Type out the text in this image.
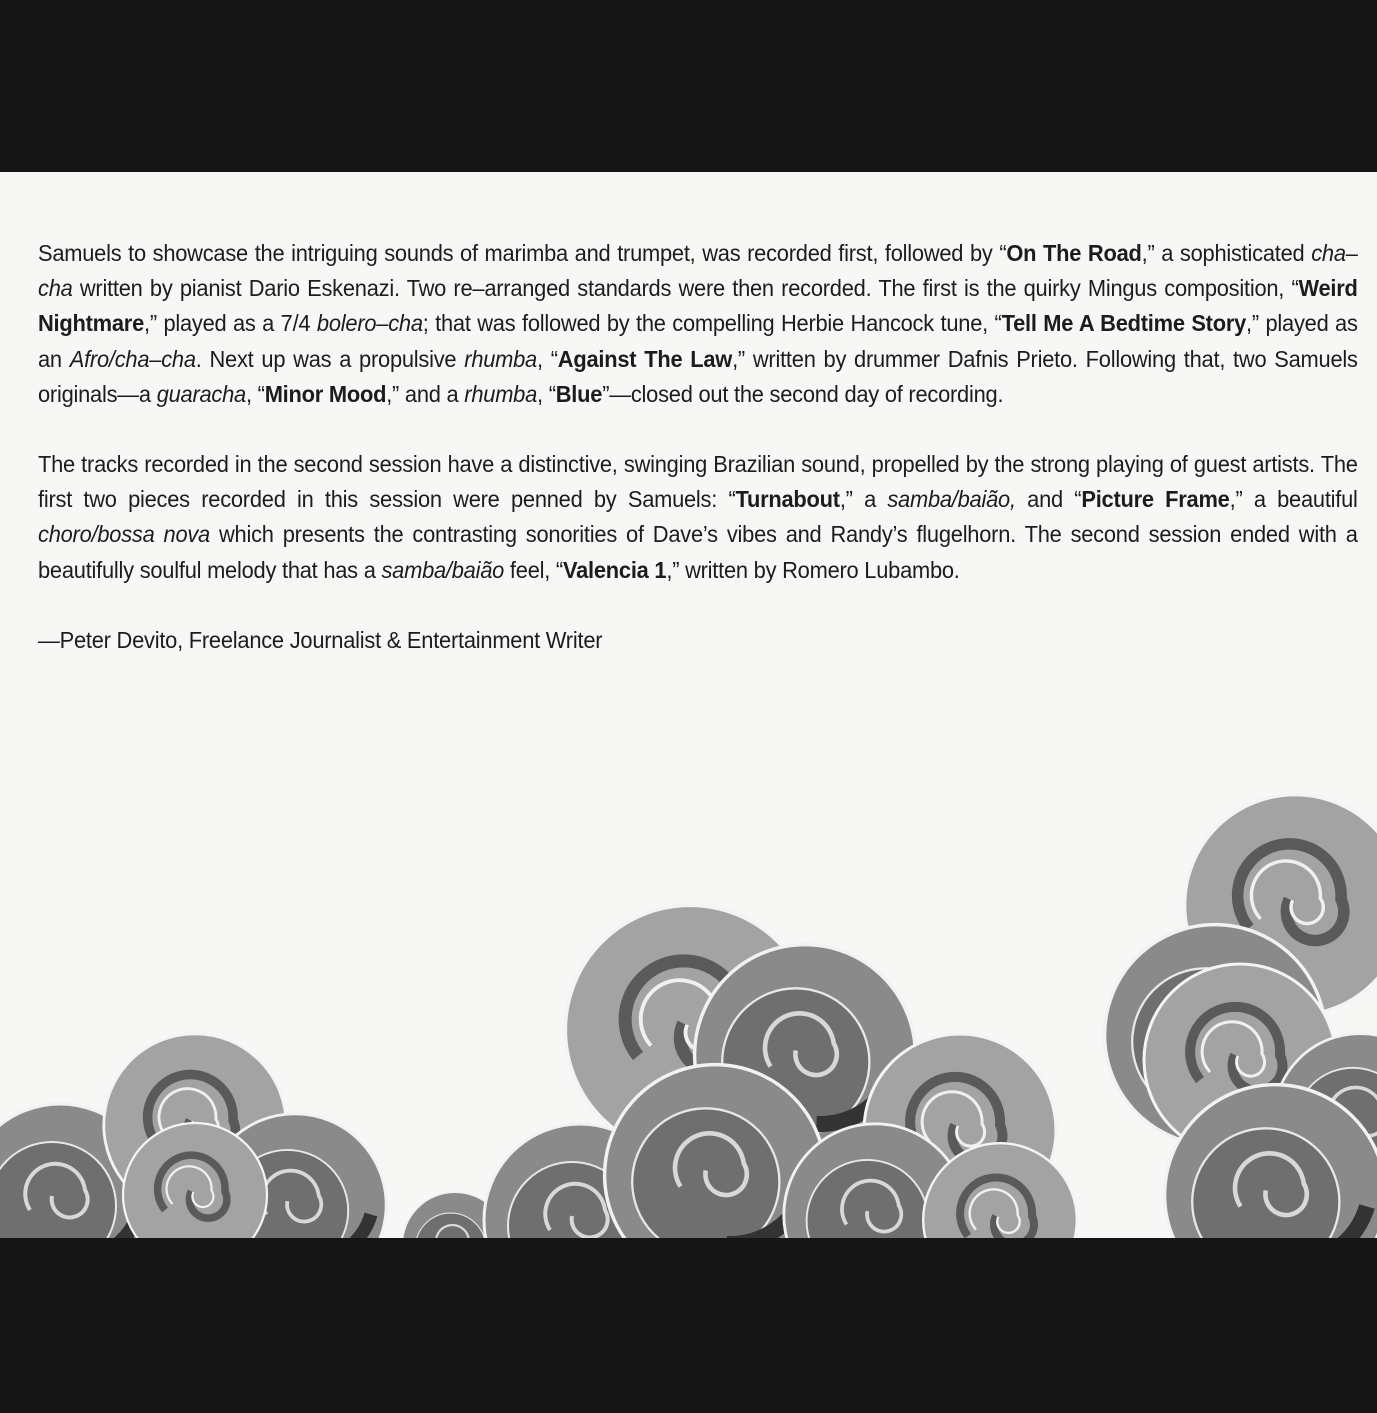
Samuels to showcase the intriguing sounds of marimba and trumpet, was recorded first, followed by “On The Road,” a sophisticated cha–cha written by pianist Dario Eskenazi. Two re–arranged standards were then recorded. The first is the quirky Mingus composition, “Weird Nightmare,” played as a 7/4 bolero–cha; that was followed by the compelling Herbie Hancock tune, “Tell Me A Bedtime Story,” played as an Afro/cha–cha. Next up was a propulsive rhumba, “Against The Law,” written by drummer Dafnis Prieto. Following that, two Samuels originals—a guaracha, “Minor Mood,” and a rhumba, “Blue”—closed out the second day of recording.

The tracks recorded in the second session have a distinctive, swinging Brazilian sound, propelled by the strong playing of guest artists. The first two pieces recorded in this session were penned by Samuels: “Turnabout,” a samba/baião, and “Picture Frame,” a beautiful choro/bossa nova which presents the contrasting sonorities of Dave’s vibes and Randy’s flugelhorn. The second session ended with a beautifully soulful melody that has a samba/baião feel, “Valencia 1,” written by Romero Lubambo.

—Peter Devito, Freelance Journalist & Entertainment Writer
